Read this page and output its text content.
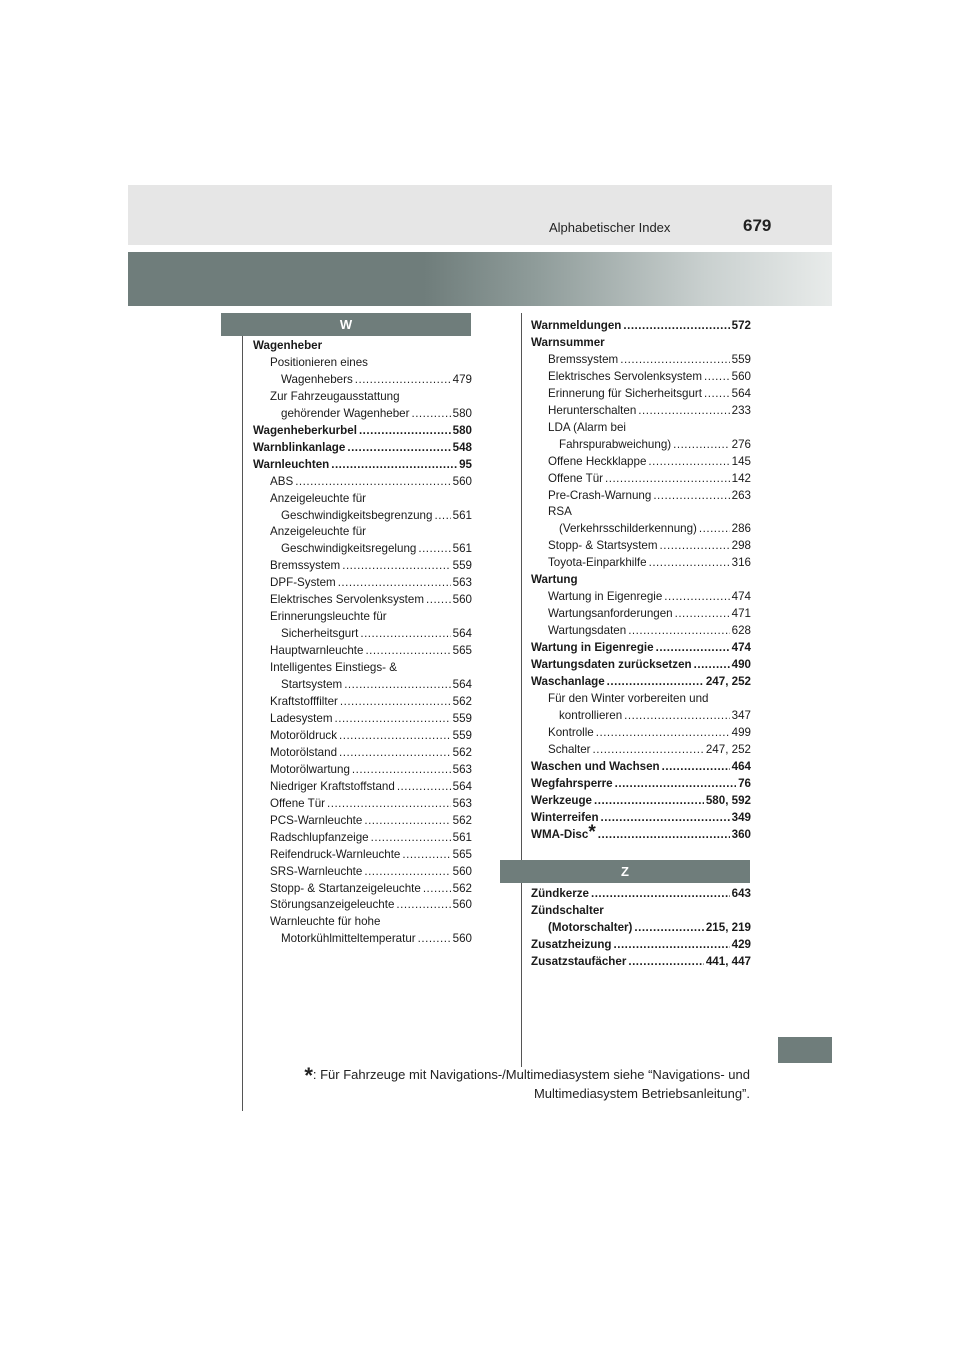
Alphabetischer Index	679
W
Z
Wagenheber
Positionieren eines
Wagenhebers .....	479
Zur Fahrzeugausstattung
gehörender Wagenheber .....	580
Wagenheberkurbel .....	580
Warnblinkanlage .....	548
Warnleuchten .....	95
ABS .....	560
Anzeigeleuchte für
Geschwindigkeitsbegrenzung ..... 561
Anzeigeleuchte für
Geschwindigkeitsregelung .....	561
Bremssystem .....	559
DPF-System .....	563
Elektrisches Servolenksystem ..... 560
Erinnerungsleuchte für
Sicherheitsgurt .....	564
Hauptwarnleuchte .....	565
Intelligentes Einstiegs- &
Startsystem .....	564
Kraftstofffilter .....	562
Ladesystem .....	559
Motoröldruck .....	559
Motorölstand .....	562
Motorölwartung .....	563
Niedriger Kraftstoffstand .....	564
Offene Tür .....	563
PCS-Warnleuchte .....	562
Radschlupfanzeige .....	561
Reifendruck-Warnleuchte .....	565
SRS-Warnleuchte .....	560
Stopp- & Startanzeigeleuchte .....	562
Störungsanzeigeleuchte .....	560
Warnleuchte für hohe
Motorkühlmitteltemperatur .....	560
Warnmeldungen .....	572
Warnsummer
Bremssystem .....	559
Elektrisches Servolenksystem .....	560
Erinnerung für Sicherheitsgurt .....	564
Herunterschalten .....	233
LDA (Alarm bei
Fahrspurabweichung) .....	276
Offene Heckklappe .....	145
Offene Tür .....	142
Pre-Crash-Warnung .....	263
RSA
(Verkehrsschilderkennung) .....	286
Stopp- & Startsystem .....	298
Toyota-Einparkhilfe .....	316
Wartung
Wartung in Eigenregie .....	474
Wartungsanforderungen .....	471
Wartungsdaten .....	628
Wartung in Eigenregie .....	474
Wartungsdaten zurücksetzen .....	490
Waschanlage .....	247, 252
Für den Winter vorbereiten und
kontrollieren .....	347
Kontrolle .....	499
Schalter .....	247, 252
Waschen und Wachsen .....	464
Wegfahrsperre .....	76
Werkzeuge .....	580, 592
Winterreifen .....	349
WMA-Disc * .....	360
Zündkerze .....	643
Zündschalter
(Motorschalter) .....	215, 219
Zusatzheizung .....	429
Zusatzstaufächer .....	441, 447
*: Für Fahrzeuge mit Navigations-/Multimediasystem siehe “Navigations- und
Multimediasystem Betriebsanleitung”.
